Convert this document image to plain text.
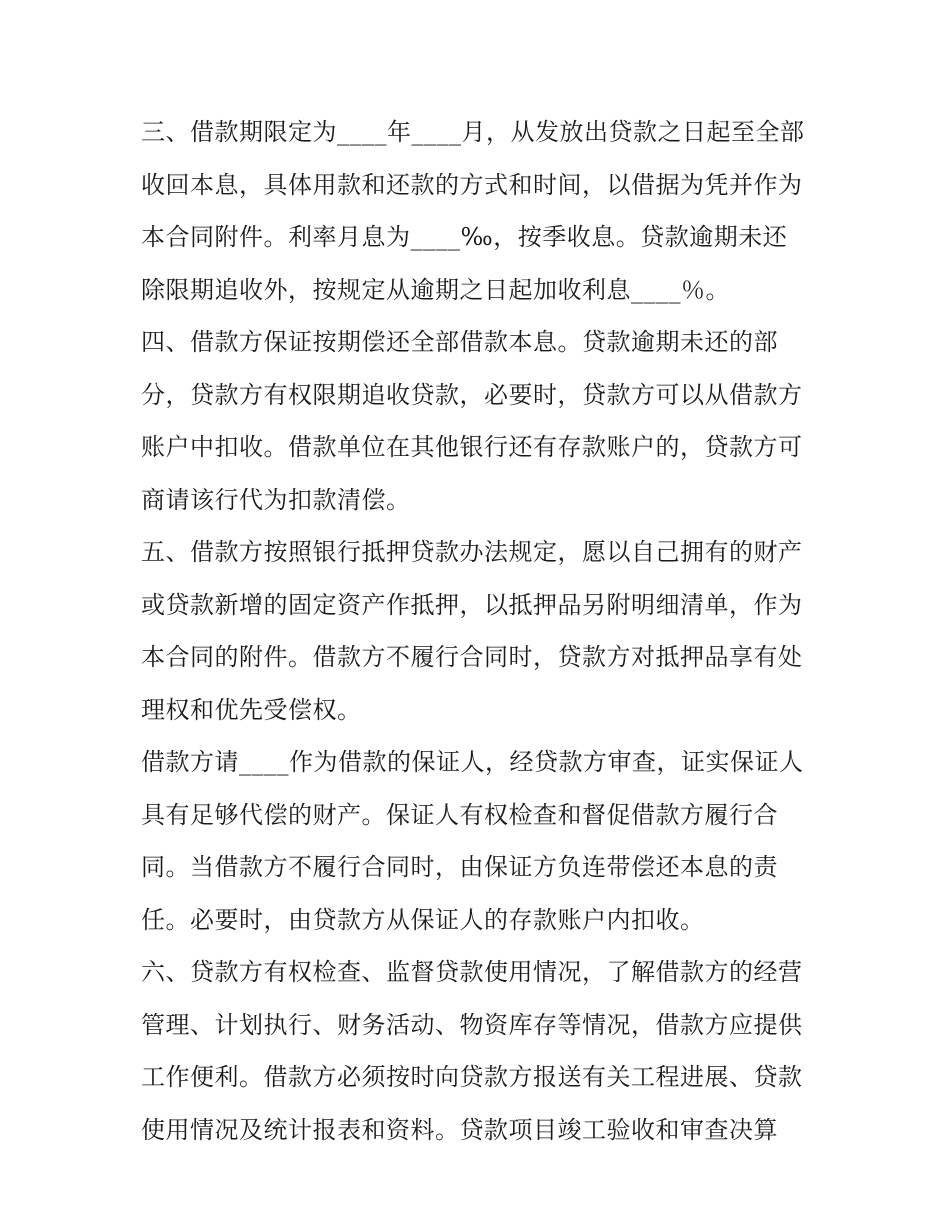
三、借款期限定为____年____月，从发放出贷款之日起至全部
收回本息，具体用款和还款的方式和时间，以借据为凭并作为
本合同附件。利率月息为____‰，按季收息。贷款逾期未还
除限期追收外，按规定从逾期之日起加收利息____％。
四、借款方保证按期偿还全部借款本息。贷款逾期未还的部
分，贷款方有权限期追收贷款，必要时，贷款方可以从借款方
账户中扣收。借款单位在其他银行还有存款账户的，贷款方可
商请该行代为扣款清偿。
五、借款方按照银行抵押贷款办法规定，愿以自己拥有的财产
或贷款新增的固定资产作抵押，以抵押品另附明细清单，作为
本合同的附件。借款方不履行合同时，贷款方对抵押品享有处
理权和优先受偿权。
借款方请____作为借款的保证人，经贷款方审查，证实保证人
具有足够代偿的财产。保证人有权检查和督促借款方履行合
同。当借款方不履行合同时，由保证方负连带偿还本息的责
任。必要时，由贷款方从保证人的存款账户内扣收。
六、贷款方有权检查、监督贷款使用情况，了解借款方的经营
管理、计划执行、财务活动、物资库存等情况，借款方应提供
工作便利。借款方必须按时向贷款方报送有关工程进展、贷款
使用情况及统计报表和资料。贷款项目竣工验收和审查决算
